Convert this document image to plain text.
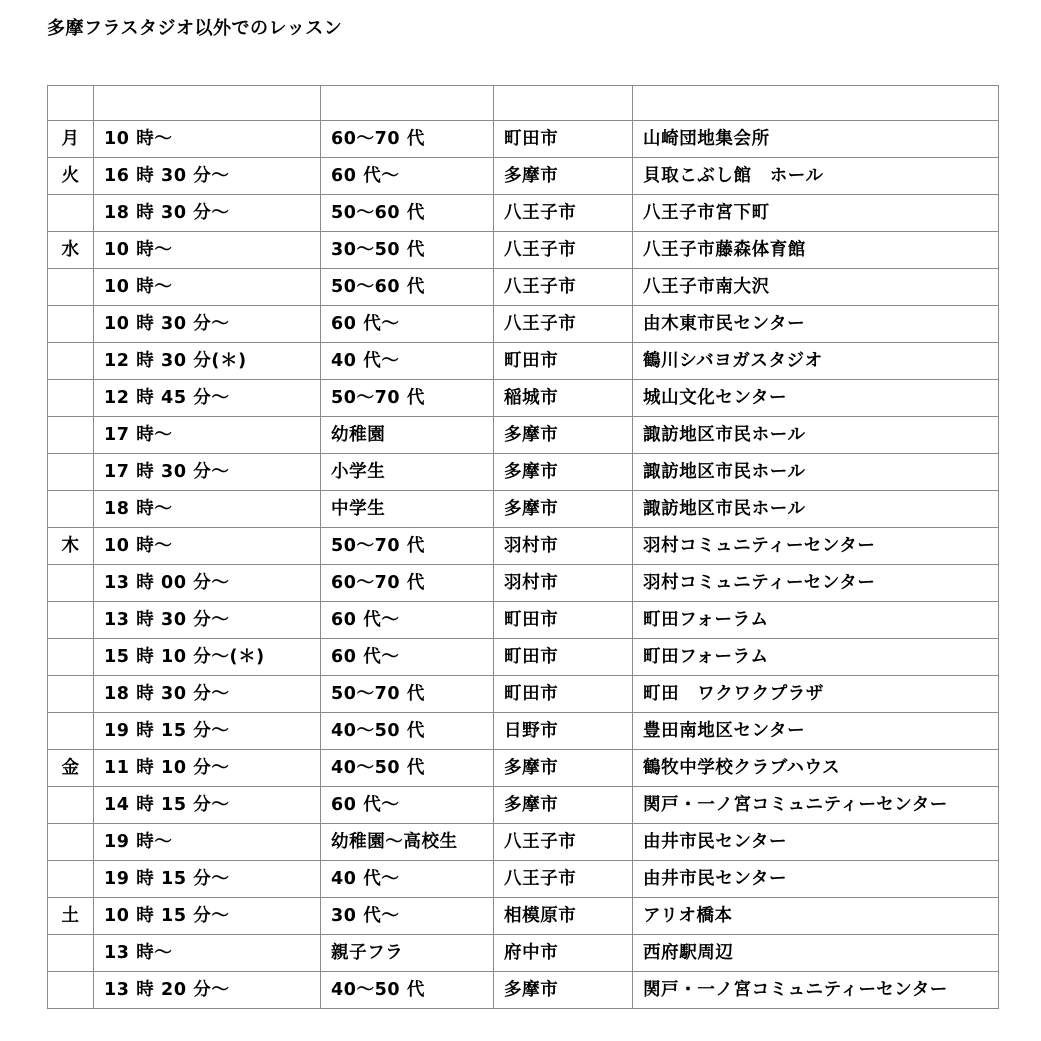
多摩フラスタジオ以外でのレッスン

月	10 時～	60～70 代	町田市	山崎団地集会所
火	16 時 30 分～	60 代～	多摩市	貝取こぶし館　ホール
	18 時 30 分～	50～60 代	八王子市	八王子市宮下町
水	10 時～	30～50 代	八王子市	八王子市藤森体育館
	10 時～	50～60 代	八王子市	八王子市南大沢
	10 時 30 分～	60 代～	八王子市	由木東市民センター
	12 時 30 分(＊)	40 代～	町田市	鶴川シバヨガスタジオ
	12 時 45 分～	50～70 代	稲城市	城山文化センター
	17 時～	幼稚園	多摩市	諏訪地区市民ホール
	17 時 30 分～	小学生	多摩市	諏訪地区市民ホール
	18 時～	中学生	多摩市	諏訪地区市民ホール
木	10 時～	50～70 代	羽村市	羽村コミュニティーセンター
	13 時 00 分～	60～70 代	羽村市	羽村コミュニティーセンター
	13 時 30 分～	60 代～	町田市	町田フォーラム
	15 時 10 分～(＊)	60 代～	町田市	町田フォーラム
	18 時 30 分～	50～70 代	町田市	町田　ワクワクプラザ
	19 時 15 分～	40～50 代	日野市	豊田南地区センター
金	11 時 10 分～	40～50 代	多摩市	鶴牧中学校クラブハウス
	14 時 15 分～	60 代～	多摩市	関戸・一ノ宮コミュニティーセンター
	19 時～	幼稚園～高校生	八王子市	由井市民センター
	19 時 15 分～	40 代～	八王子市	由井市民センター
土	10 時 15 分～	30 代～	相模原市	アリオ橋本
	13 時～	親子フラ	府中市	西府駅周辺
	13 時 20 分～	40～50 代	多摩市	関戸・一ノ宮コミュニティーセンター
